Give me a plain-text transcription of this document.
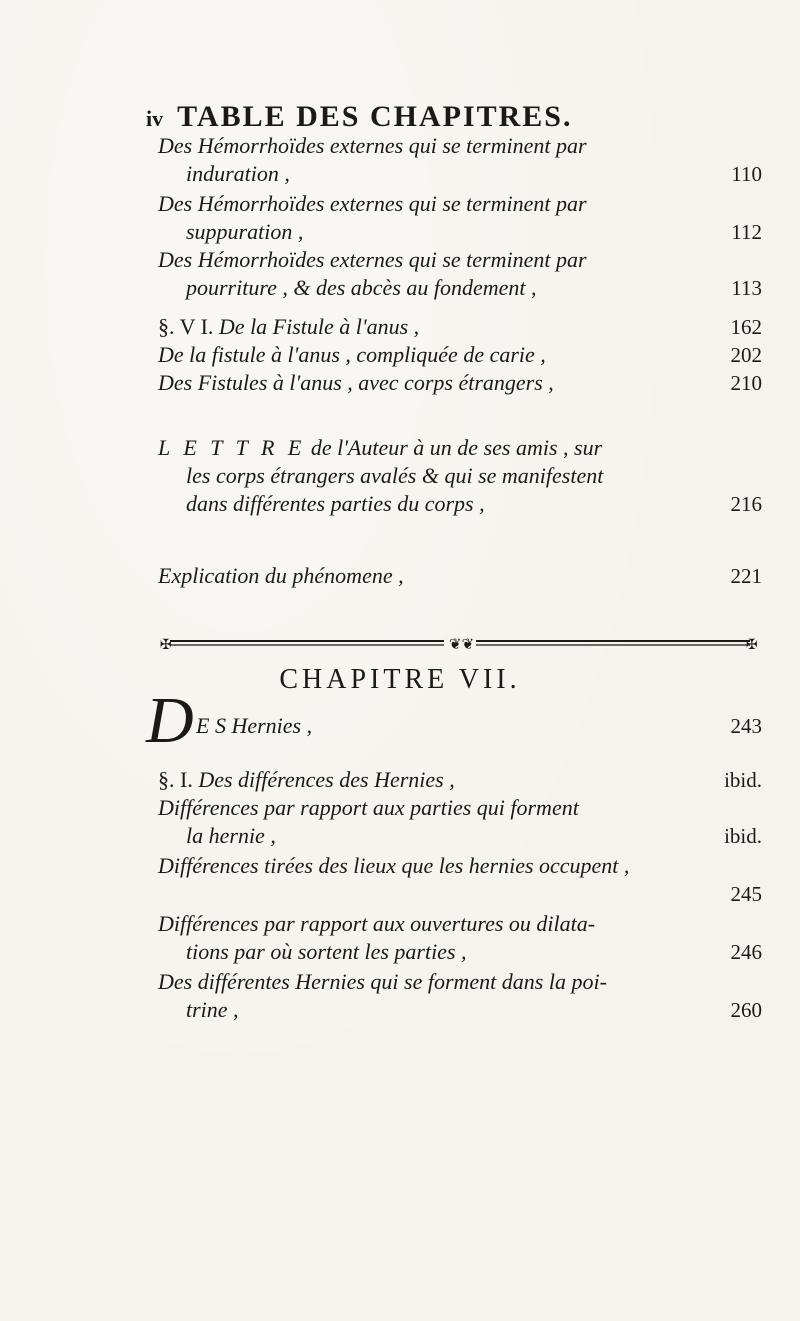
iv TABLE DES CHAPITRES.
Des Hémorrhoïdes externes qui se terminent par
induration ,	110
Des Hémorrhoïdes externes qui se terminent par
suppuration ,	112
Des Hémorrhoïdes externes qui se terminent par
pourriture , & des abcès au fondement ,	113
§. V I. De la Fistule à l'anus ,	162
De la fistule à l'anus , compliquée de carie ,	202
Des Fistules à l'anus , avec corps étrangers ,	210
L E T T R E de l'Auteur à un de ses amis , sur
les corps étrangers avalés & qui se manifestent
dans différentes parties du corps ,	216
Explication du phénomene ,	221
✠	✠
❦❦
CHAPITRE VII.
D E S Hernies ,	243
§. I. Des différences des Hernies ,	ibid.
Différences par rapport aux parties qui forment
la hernie ,	ibid.
Différences tirées des lieux que les hernies occupent ,
245
Différences par rapport aux ouvertures ou dilata-
tions par où sortent les parties ,	246
Des différentes Hernies qui se forment dans la poi-
trine ,	260
